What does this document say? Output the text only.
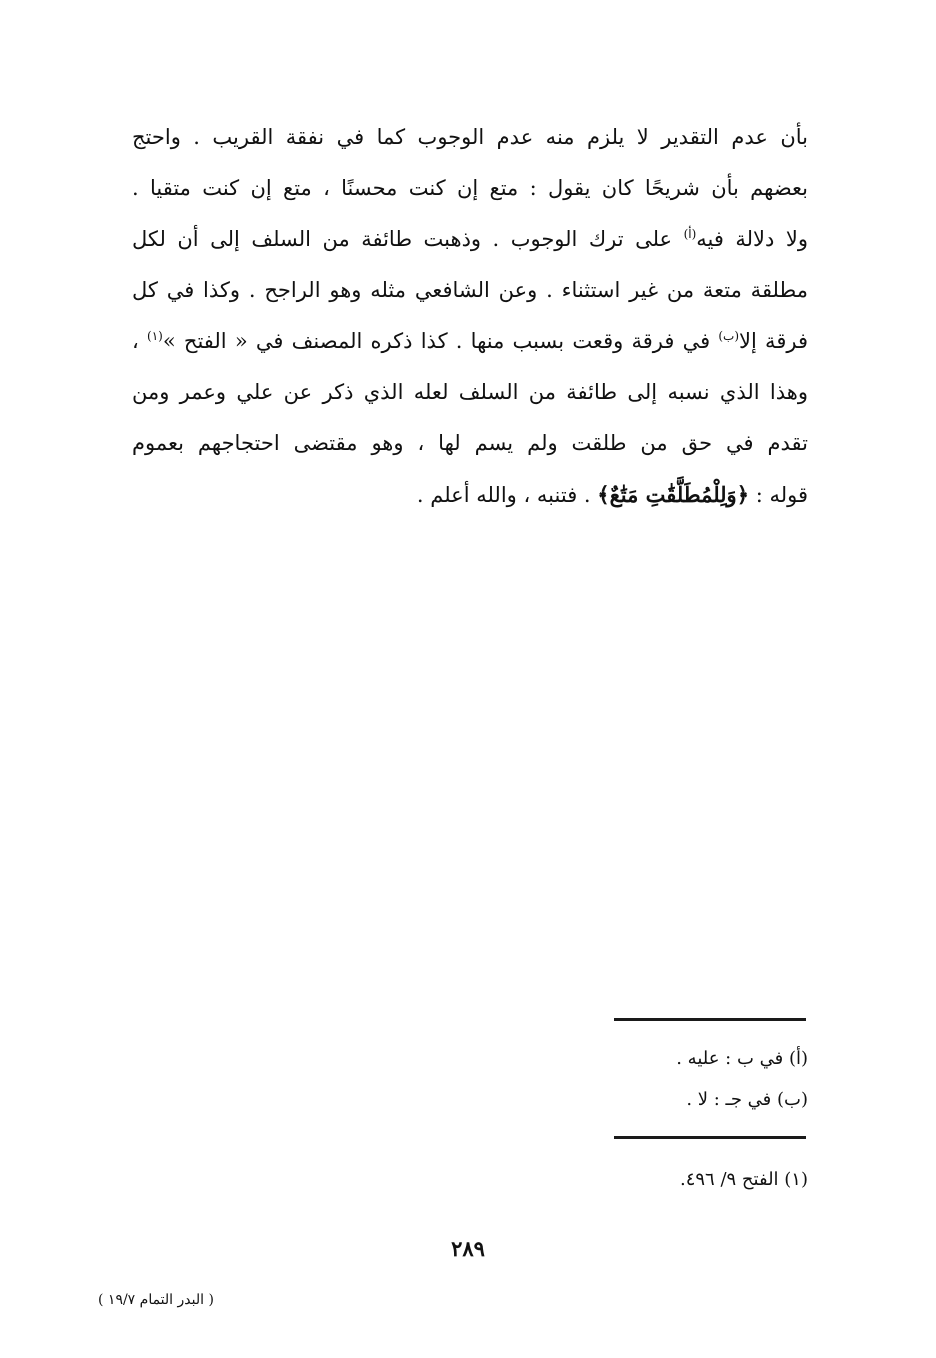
بأن عدم التقدير لا يلزم منه عدم الوجوب كما في نفقة القريب . واحتج
بعضهم بأن شريحًا كان يقول : متع إن كنت محسنًا ، متع إن كنت متقيا .
ولا دلالة فيه$^{(أ)}$ على ترك الوجوب . وذهبت طائفة من السلف إلى أن لكل
مطلقة متعة من غير استثناء . وعن الشافعي مثله وهو الراجح . وكذا في كل
فرقة إلا$^{(ب)}$ في فرقة وقعت بسبب منها . كذا ذكره المصنف في « الفتح »$^{(١)}$ ،
وهذا الذي نسبه إلى طائفة من السلف لعله الذي ذكر عن علي وعمر ومن
تقدم في حق من طلقت ولم يسم لها ، وهو مقتضى احتجاجهم بعموم
قوله : ﴿وَلِلْمُطَلَّقَٰتِ مَتَٰعٌ﴾ . فتنبه ، والله أعلم .
(أ) في ب : عليه .
(ب) في جـ : لا .
(١) الفتح ٩/ ٤٩٦.
٢٨٩
( البدر التمام ١٩/٧ )
